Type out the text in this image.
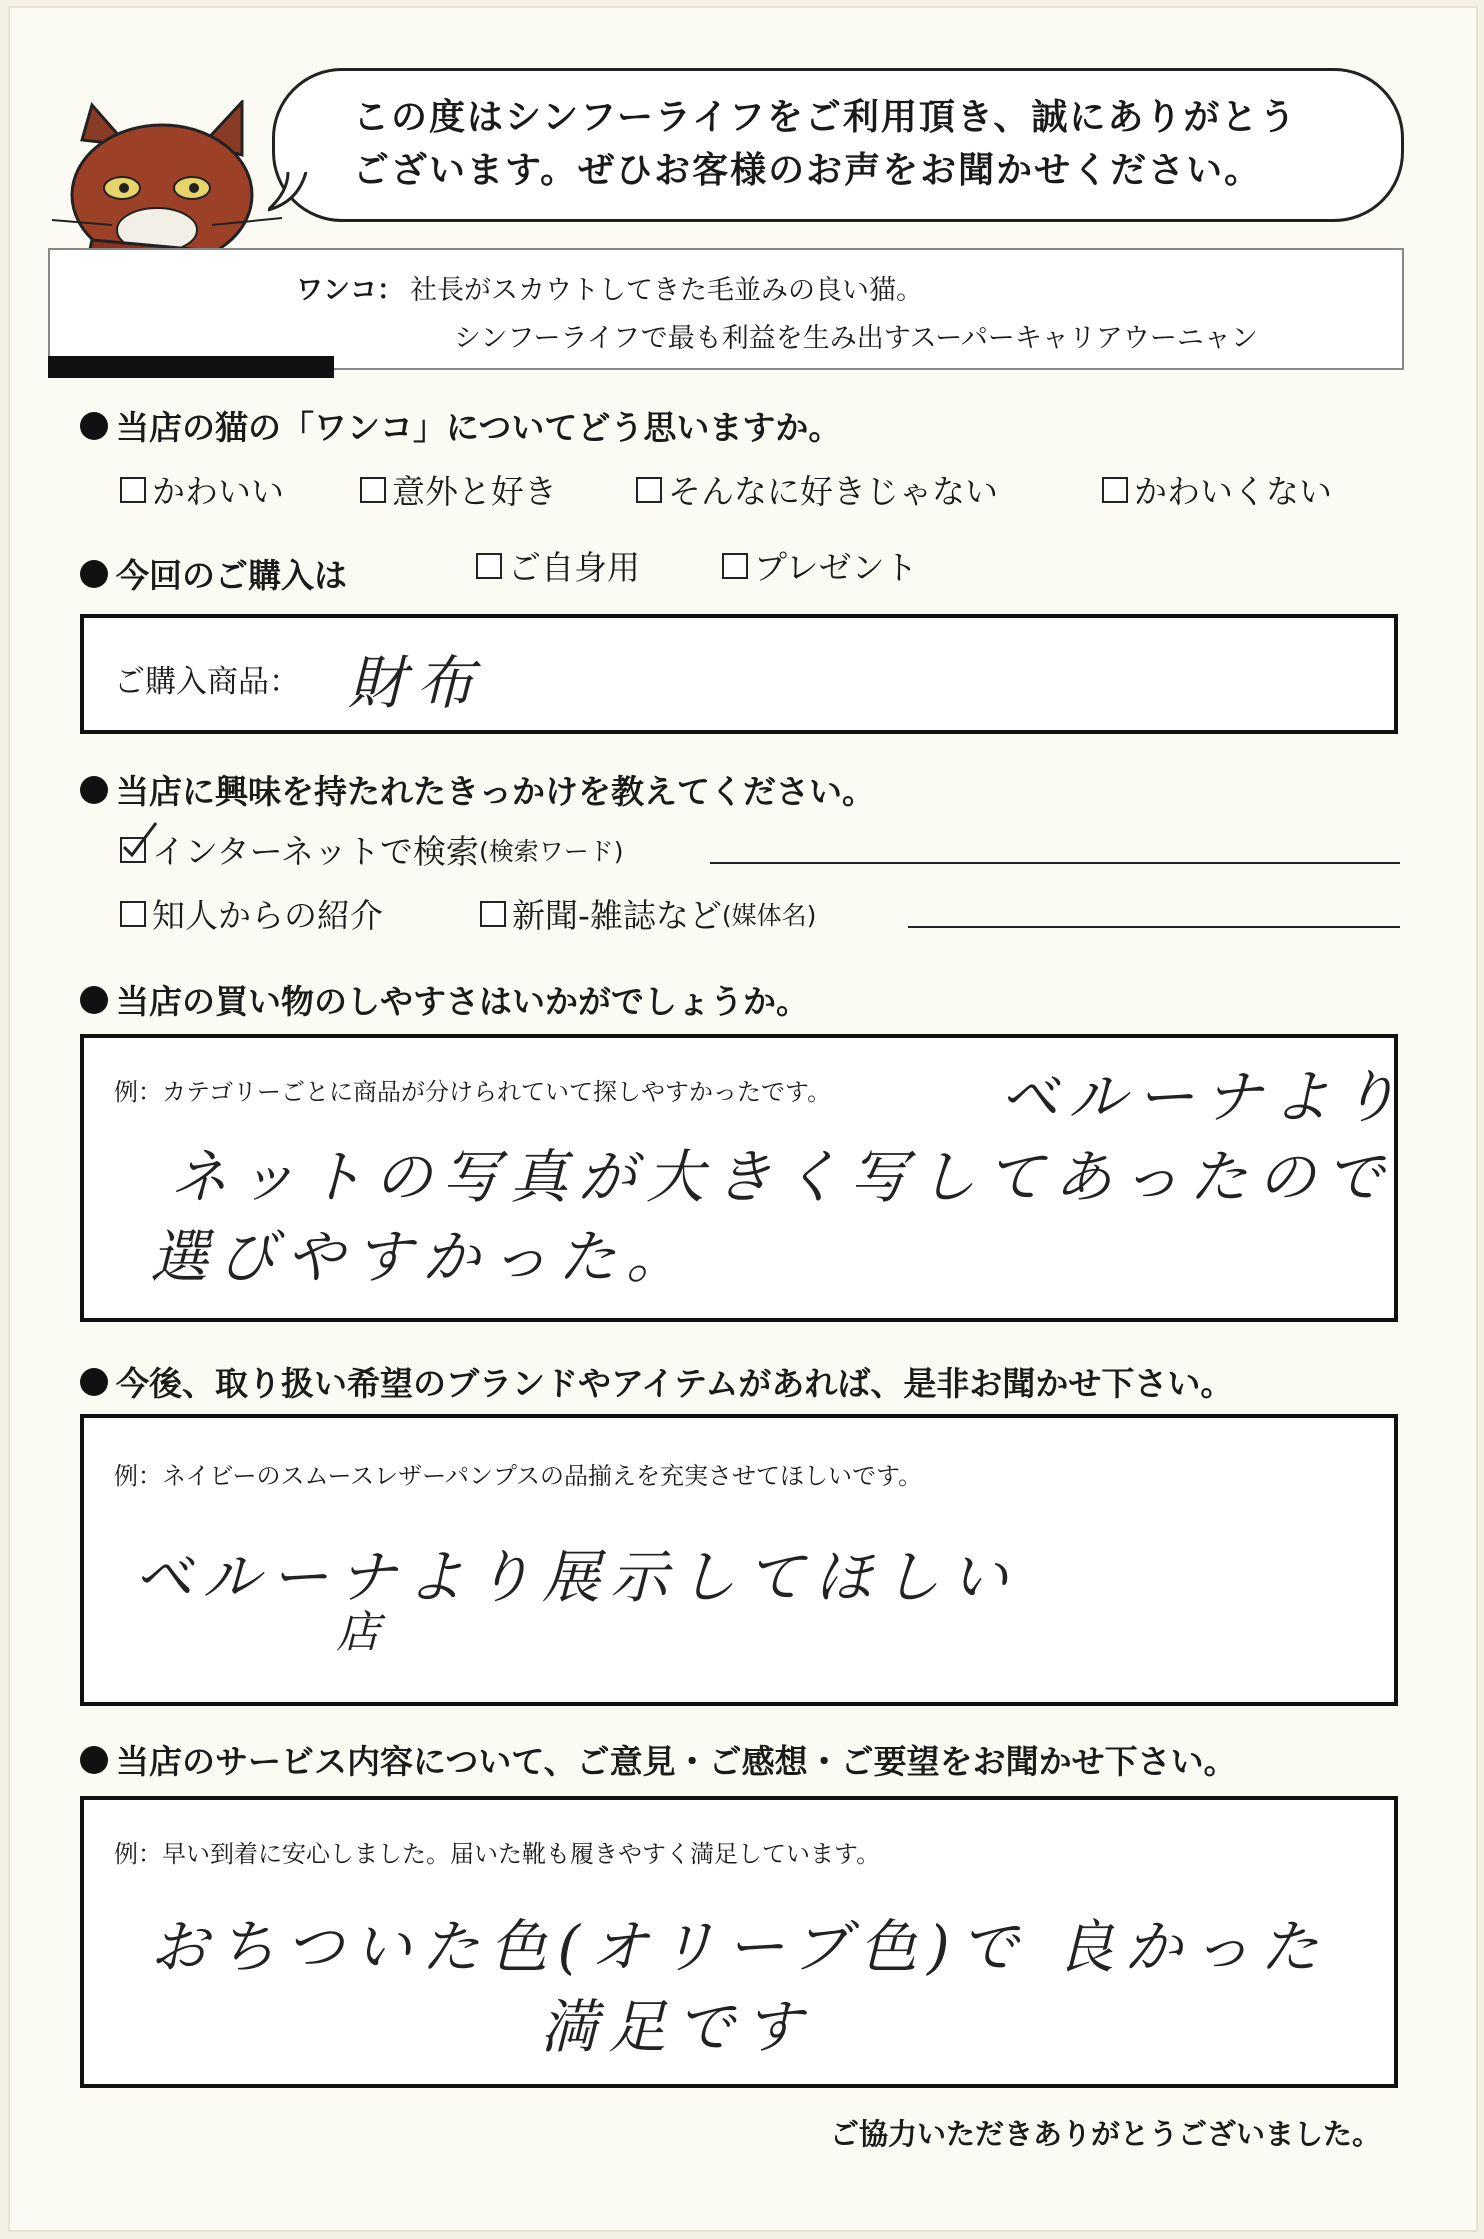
この度はシンフーライフをご利用頂き、誠にありがとう
ございます。ぜひお客様のお声をお聞かせください。
ワンコ： 社長がスカウトしてきた毛並みの良い猫。
シンフーライフで最も利益を生み出すスーパーキャリアウーニャン
当店の猫の「ワンコ」についてどう思いますか。
かわいい	意外と好き	そんなに好きじゃない	かわいくない
今回のご購入は	ご自身用	プレゼント
ご購入商品： 財布
当店に興味を持たれたきっかけを教えてください。
インターネットで検索 (検索ワード)
知人からの紹介	新聞-雑誌など (媒体名)
当店の買い物のしやすさはいかがでしょうか。
例：カテゴリーごとに商品が分けられていて探しやすかったです。	ベルーナより
ネットの写真が大きく写してあったので
選びやすかった。
今後、取り扱い希望のブランドやアイテムがあれば、是非お聞かせ下さい。
例：ネイビーのスムースレザーパンプスの品揃えを充実させてほしいです。
ベルーナより展示してほしい
店
当店のサービス内容について、ご意見・ご感想・ご要望をお聞かせ下さい。
例：早い到着に安心しました。届いた靴も履きやすく満足しています。
おちついた色(オリーブ色)で 良かった
満足です
ご協力いただきありがとうございました。
